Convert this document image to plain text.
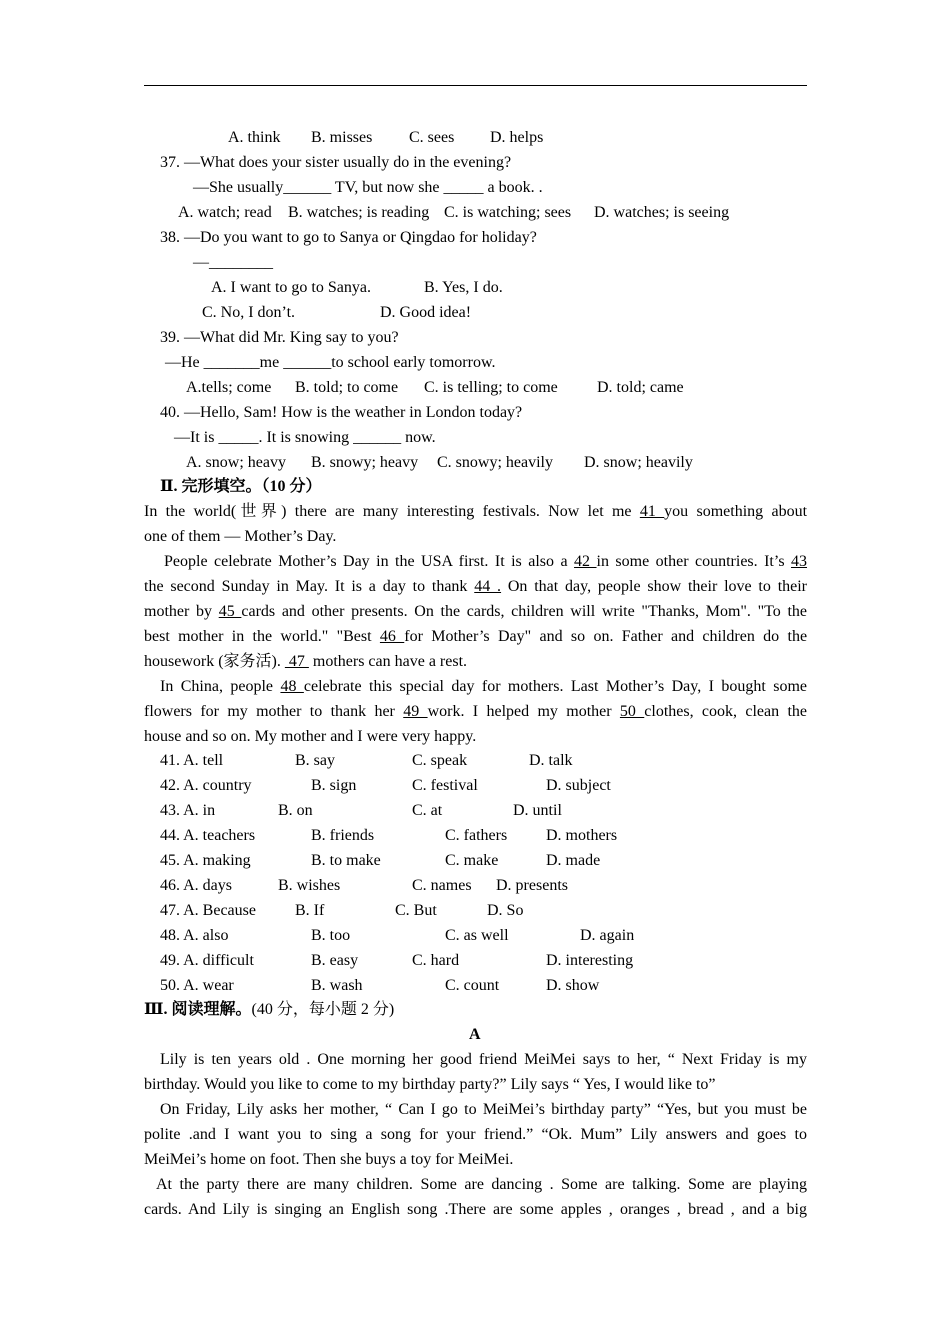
A. think B. misses C. sees D. helps
37. —What does your sister usually do in the evening?
—She usually______ TV, but now she _____ a book. .
A. watch; read B. watches; is reading C. is watching; sees D. watches; is seeing
38. —Do you want to go to Sanya or Qingdao for holiday?
—________
A. I want to go to Sanya.	B. Yes, I do.
C. No, I don’t.	D. Good idea!
39. —What did Mr. King say to you?
—He _______me ______to school early tomorrow.
A.tells; come B. told; to come C. is telling; to come D. told; came
40. —Hello, Sam! How is the weather in London today?
—It is _____. It is snowing ______ now.
A. snow; heavy B. snowy; heavy C. snowy; heavily D. snow; heavily
Ⅱ. 完形填空。（10 分）
In the world(世界) there are many interesting festivals. Now let me 41 you something about
one of them — Mother’s Day.
People celebrate Mother’s Day in the USA first. It is also a 42 in some other countries. It’s 43
the second Sunday in May. It is a day to thank 44 . On that day, people show their love to their
mother by 45 cards and other presents. On the cards, children will write "Thanks, Mom". "To the
best mother in the world." "Best 46 for Mother’s Day" and so on. Father and children do the
housework (家务活).  47  mothers can have a rest.
In China, people 48 celebrate this special day for mothers. Last Mother’s Day, I bought some
flowers for my mother to thank her 49 work. I helped my mother 50 clothes, cook, clean the
house and so on. My mother and I were very happy.
41. A. tell	B. say	C. speak	D. talk
42. A. country	B. sign	C. festival	D. subject
43. A. in	B. on	C. at	D. until
44. A. teachers	B. friends	C. fathers D. mothers
45. A. making	B. to make	C. make	D. made
46. A. days	B. wishes	C. names D. presents
47. A. Because B. If	C. But	D. So
48. A. also	B. too	C. as well	D. again
49. A. difficult	B. easy	C. hard	D. interesting
50. A. wear	B. wash	C. count	D. show
Ⅲ. 阅读理解。(40 分，每小题 2 分)
A
Lily is ten years old . One morning her good friend MeiMei says to her, “ Next Friday is my
birthday. Would you like to come to my birthday party?” Lily says “ Yes, I would like to”
On Friday, Lily asks her mother, “ Can I go to MeiMei’s birthday party” “Yes, but you must be
polite .and I want you to sing a song for your friend.” “Ok. Mum” Lily answers and goes to
MeiMei’s home on foot. Then she buys a toy for MeiMei.
At the party there are many children. Some are dancing . Some are talking. Some are playing
cards. And Lily is singing an English song .There are some apples , oranges , bread , and a big
